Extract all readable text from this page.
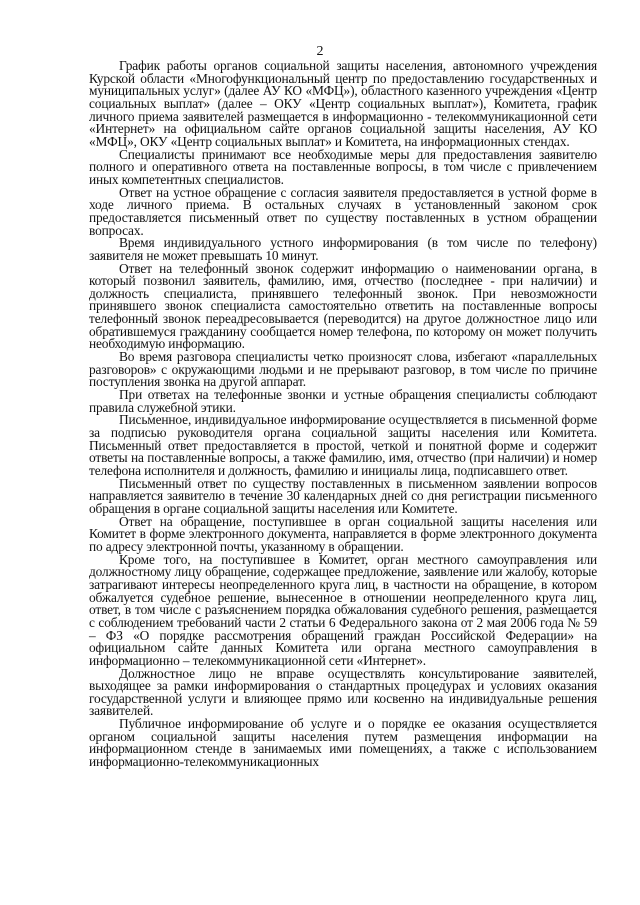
2

График работы органов социальной защиты населения, автономного учреждения Курской области «Многофункциональный центр по предоставлению государственных и муниципальных услуг» (далее АУ КО «МФЦ»), областного казенного учреждения «Центр социальных выплат» (далее – ОКУ «Центр социальных выплат»), Комитета, график личного приема заявителей размещается в информационно - телекоммуникационной сети «Интернет» на официальном сайте органов социальной защиты населения, АУ КО «МФЦ», ОКУ «Центр социальных выплат» и Комитета, на информационных стендах.

Специалисты принимают все необходимые меры для предоставления заявителю полного и оперативного ответа на поставленные вопросы, в том числе с привлечением иных компетентных специалистов.

Ответ на устное обращение с согласия заявителя предоставляется в устной форме в ходе личного приема. В остальных случаях в установленный законом срок предоставляется письменный ответ по существу поставленных в устном обращении вопросах.

Время индивидуального устного информирования (в том числе по телефону) заявителя не может превышать 10 минут.

Ответ на телефонный звонок содержит информацию о наименовании органа, в который позвонил заявитель, фамилию, имя, отчество (последнее - при наличии) и должность специалиста, принявшего телефонный звонок. При невозможности принявшего звонок специалиста самостоятельно ответить на поставленные вопросы телефонный звонок переадресовывается (переводится) на другое должностное лицо или обратившемуся гражданину сообщается номер телефона, по которому он может получить необходимую информацию.

Во время разговора специалисты четко произносят слова, избегают «параллельных разговоров» с окружающими людьми и не прерывают разговор, в том числе по причине поступления звонка на другой аппарат.

При ответах на телефонные звонки и устные обращения специалисты соблюдают правила служебной этики.

Письменное, индивидуальное информирование осуществляется в письменной форме за подписью руководителя органа социальной защиты населения или Комитета. Письменный ответ предоставляется в простой, четкой и понятной форме и содержит ответы на поставленные вопросы, а также фамилию, имя, отчество (при наличии) и номер телефона исполнителя и должность, фамилию и инициалы лица, подписавшего ответ.

Письменный ответ по существу поставленных в письменном заявлении вопросов направляется заявителю в течение 30 календарных дней со дня регистрации письменного обращения в органе социальной защиты населения или Комитете.

Ответ на обращение, поступившее в орган социальной защиты населения или Комитет в форме электронного документа, направляется в форме электронного документа по адресу электронной почты, указанному в обращении.

Кроме того, на поступившее в Комитет, орган местного самоуправления или должностному лицу обращение, содержащее предложение, заявление или жалобу, которые затрагивают интересы неопределенного круга лиц, в частности на обращение, в котором обжалуется судебное решение, вынесенное в отношении неопределенного круга лиц, ответ, в том числе с разъяснением порядка обжалования судебного решения, размещается с соблюдением требований части 2 статьи 6 Федерального закона от 2 мая 2006 года № 59 – ФЗ «О порядке рассмотрения обращений граждан Российской Федерации» на официальном сайте данных Комитета или органа местного самоуправления в информационно – телекоммуникационной сети «Интернет».

Должностное лицо не вправе осуществлять консультирование заявителей, выходящее за рамки информирования о стандартных процедурах и условиях оказания государственной услуги и влияющее прямо или косвенно на индивидуальные решения заявителей.

Публичное информирование об услуге и о порядке ее оказания осуществляется органом социальной защиты населения путем размещения информации на информационном стенде в занимаемых ими помещениях, а также с использованием информационно-телекоммуникационных
